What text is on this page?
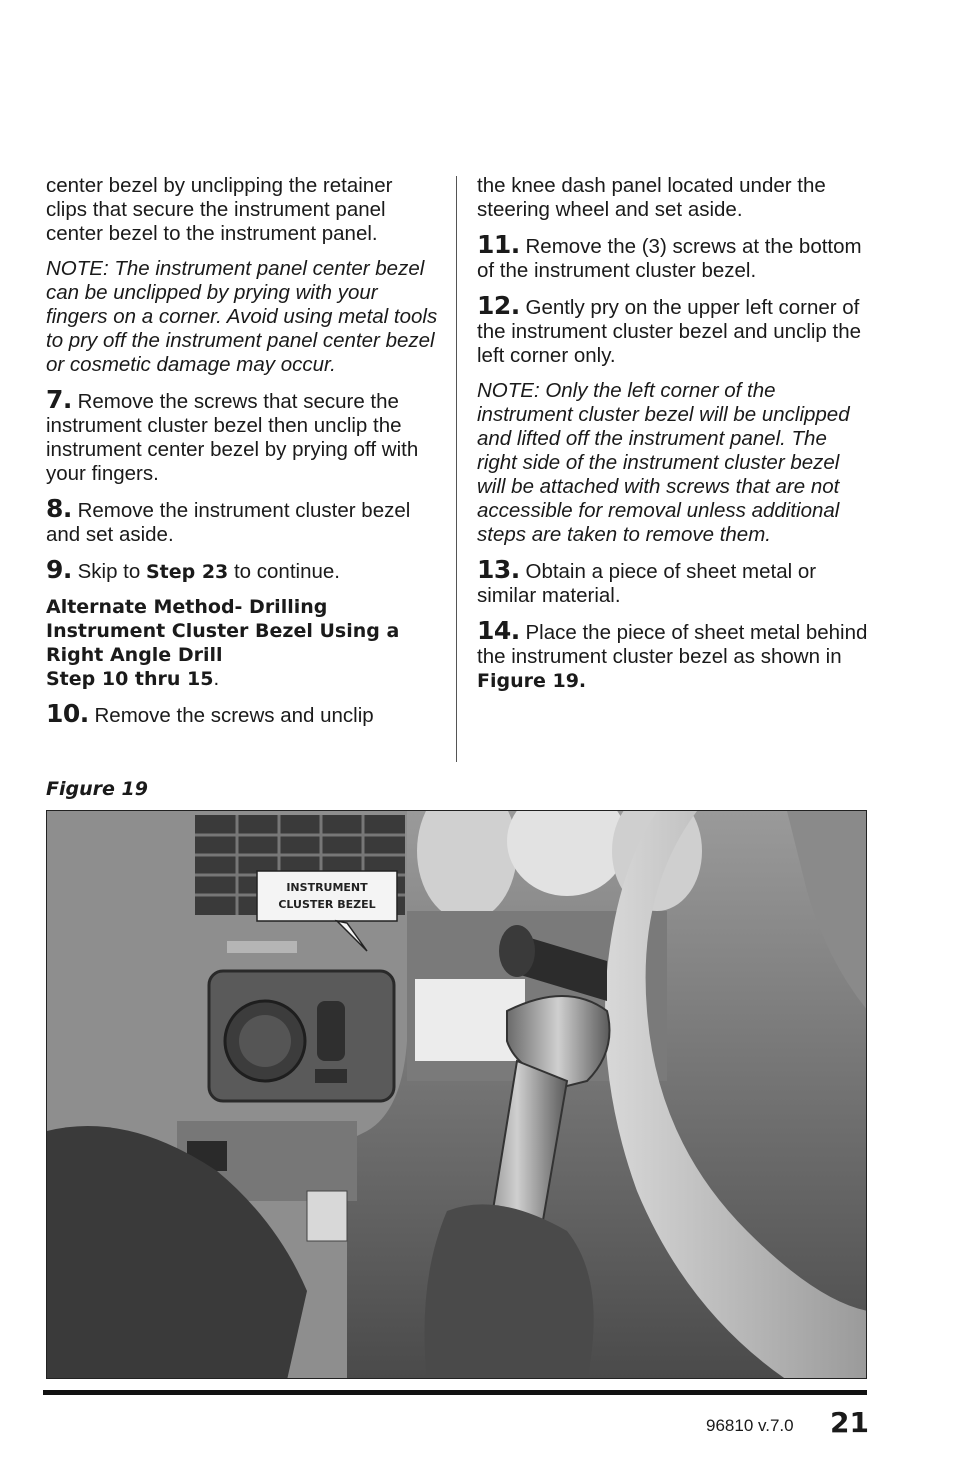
center bezel by unclipping the retainer clips that secure the instrument panel center bezel to the instrument panel.

NOTE: The instrument panel center bezel can be unclipped by prying with your fingers on a corner. Avoid using metal tools to pry off the instrument panel center bezel or cosmetic damage may occur.

7. Remove the screws that secure the instrument cluster bezel then unclip the instrument center bezel by prying off with your fingers.

8. Remove the instrument cluster bezel and set aside.

9. Skip to Step 23 to continue.

Alternate Method- Drilling
Instrument Cluster Bezel Using a
Right Angle Drill
Step 10 thru 15.

10. Remove the screws and unclip

the knee dash panel located under the steering wheel and set aside.

11. Remove the (3) screws at the bottom of the instrument cluster bezel.

12. Gently pry on the upper left corner of the instrument cluster bezel and unclip the left corner only.

NOTE: Only the left corner of the instrument cluster bezel will be unclipped and lifted off the instrument panel. The right side of the instrument cluster bezel will be attached with screws that are not accessible for removal unless additional steps are taken to remove them.

13. Obtain a piece of sheet metal or similar material.

14. Place the piece of sheet metal behind the instrument cluster bezel as shown in Figure 19.

Figure 19
INSTRUMENT
CLUSTER BEZEL
96810 v.7.0 21
